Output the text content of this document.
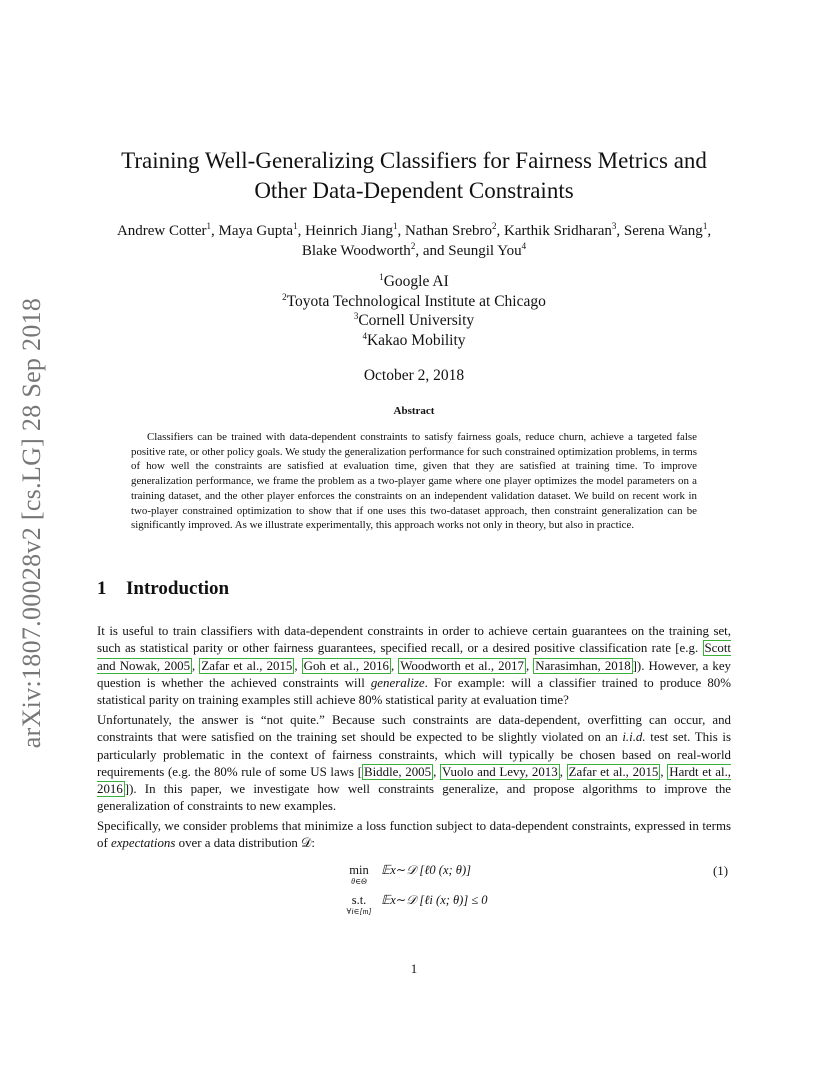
arXiv:1807.00028v2 [cs.LG] 28 Sep 2018
Training Well-Generalizing Classifiers for Fairness Metrics and
Other Data-Dependent Constraints
Andrew Cotter$^1$, Maya Gupta$^1$, Heinrich Jiang$^1$, Nathan Srebro$^2$, Karthik Sridharan$^3$, Serena Wang$^1$,
Blake Woodworth$^2$, and Seungil You$^4$
$^1$Google AI
$^2$Toyota Technological Institute at Chicago
$^3$Cornell University
$^4$Kakao Mobility
October 2, 2018
Abstract

Classifiers can be trained with data-dependent constraints to satisfy fairness goals, reduce churn, achieve a targeted false positive rate, or other policy goals. We study the generalization performance for such constrained optimization problems, in terms of how well the constraints are satisfied at evaluation time, given that they are satisfied at training time. To improve generalization performance, we frame the problem as a two-player game where one player optimizes the model parameters on a training dataset, and the other player enforces the constraints on an independent validation dataset. We build on recent work in two-player constrained optimization to show that if one uses this two-dataset approach, then constraint generalization can be significantly improved. As we illustrate experimentally, this approach works not only in theory, but also in practice.

1 Introduction

It is useful to train classifiers with data-dependent constraints in order to achieve certain guarantees on the training set, such as statistical parity or other fairness guarantees, specified recall, or a desired positive classification rate [e.g. Scott and Nowak, 2005 , Zafar et al., 2015 , Goh et al., 2016 , Woodworth et al., 2017 , Narasimhan, 2018 ]). However, a key question is whether the achieved constraints will generalize. For example: will a classifier trained to produce 80% statistical parity on training examples still achieve 80% statistical parity at evaluation time?

Unfortunately, the answer is “not quite.” Because such constraints are data-dependent, overfitting can occur, and constraints that were satisfied on the training set should be expected to be slightly violated on an i.i.d. test set. This is particularly problematic in the context of fairness constraints, which will typically be chosen based on real-world requirements (e.g. the 80% rule of some US laws [ Biddle, 2005 , Vuolo and Levy, 2013 , Zafar et al., 2015 , Hardt et al., 2016 ]). In this paper, we investigate how well constraints generalize, and propose algorithms to improve the generalization of constraints to new examples.

Specifically, we consider problems that minimize a loss function subject to data-dependent constraints, expressed in terms of expectations over a data distribution 𝒟:

min
θ∈Θ
𝔼x∼𝒟 [ℓ0 (x; θ)]
s.t.
∀i∈[m]
𝔼x∼𝒟 [ℓi (x; θ)] ≤ 0
(1)
1
